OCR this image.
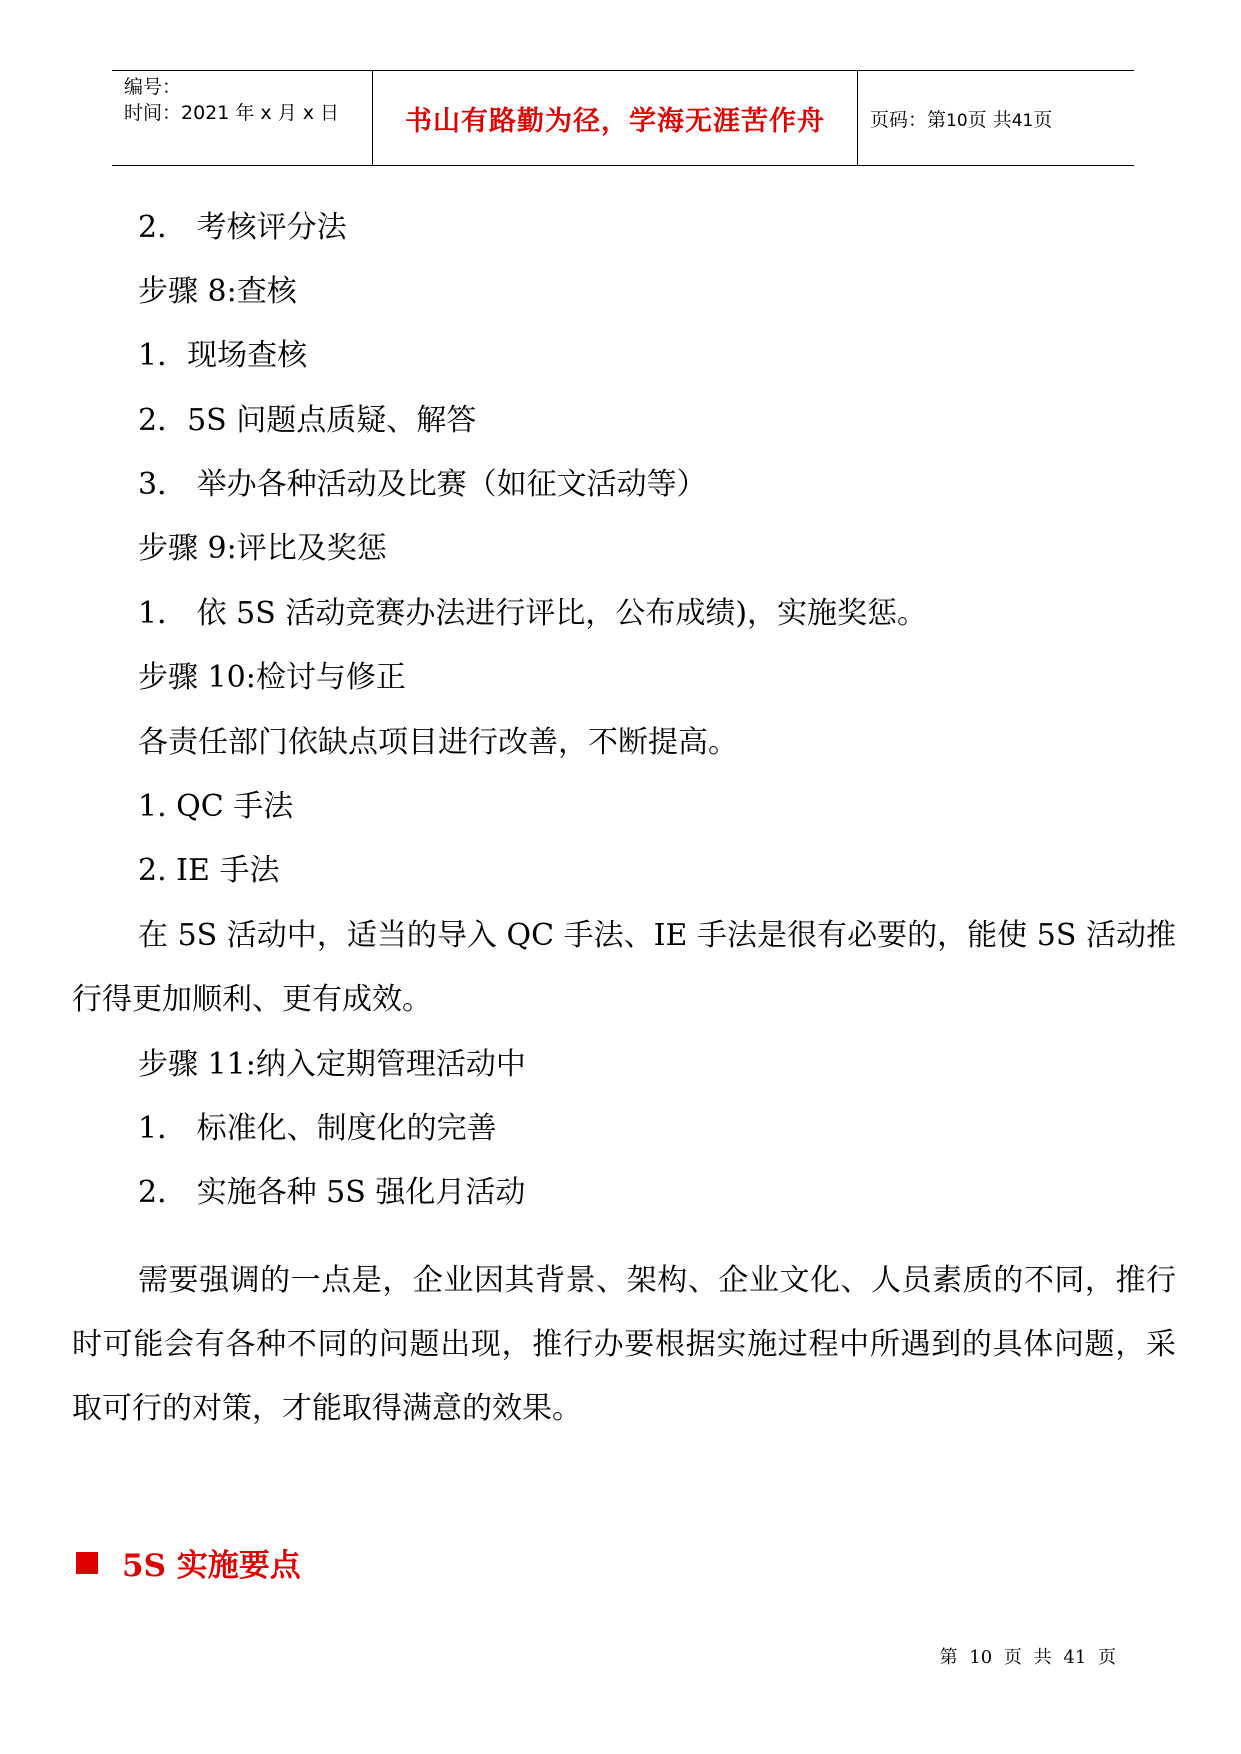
编号：
时间：2021 年 x 月 x 日 书山有路勤为径，学海无涯苦作舟 页码：第10页 共41页
2． 考核评分法
步骤 8:查核
1．现场查核
2．5S 问题点质疑、解答
3． 举办各种活动及比赛（如征文活动等）
步骤 9:评比及奖惩
1． 依 5S 活动竞赛办法进行评比，公布成绩)，实施奖惩。
步骤 10:检讨与修正
各责任部门依缺点项目进行改善，不断提高。
1. QC 手法
2. IE 手法
在 5S 活动中，适当的导入 QC 手法、IE 手法是很有必要的，能使 5S 活动推行得更加顺利、更有成效。
步骤 11:纳入定期管理活动中
1． 标准化、制度化的完善
2． 实施各种 5S 强化月活动
需要强调的一点是，企业因其背景、架构、企业文化、人员素质的不同，推行时可能会有各种不同的问题出现，推行办要根据实施过程中所遇到的具体问题，采取可行的对策，才能取得满意的效果。
5S 实施要点
第 10 页 共 41 页
